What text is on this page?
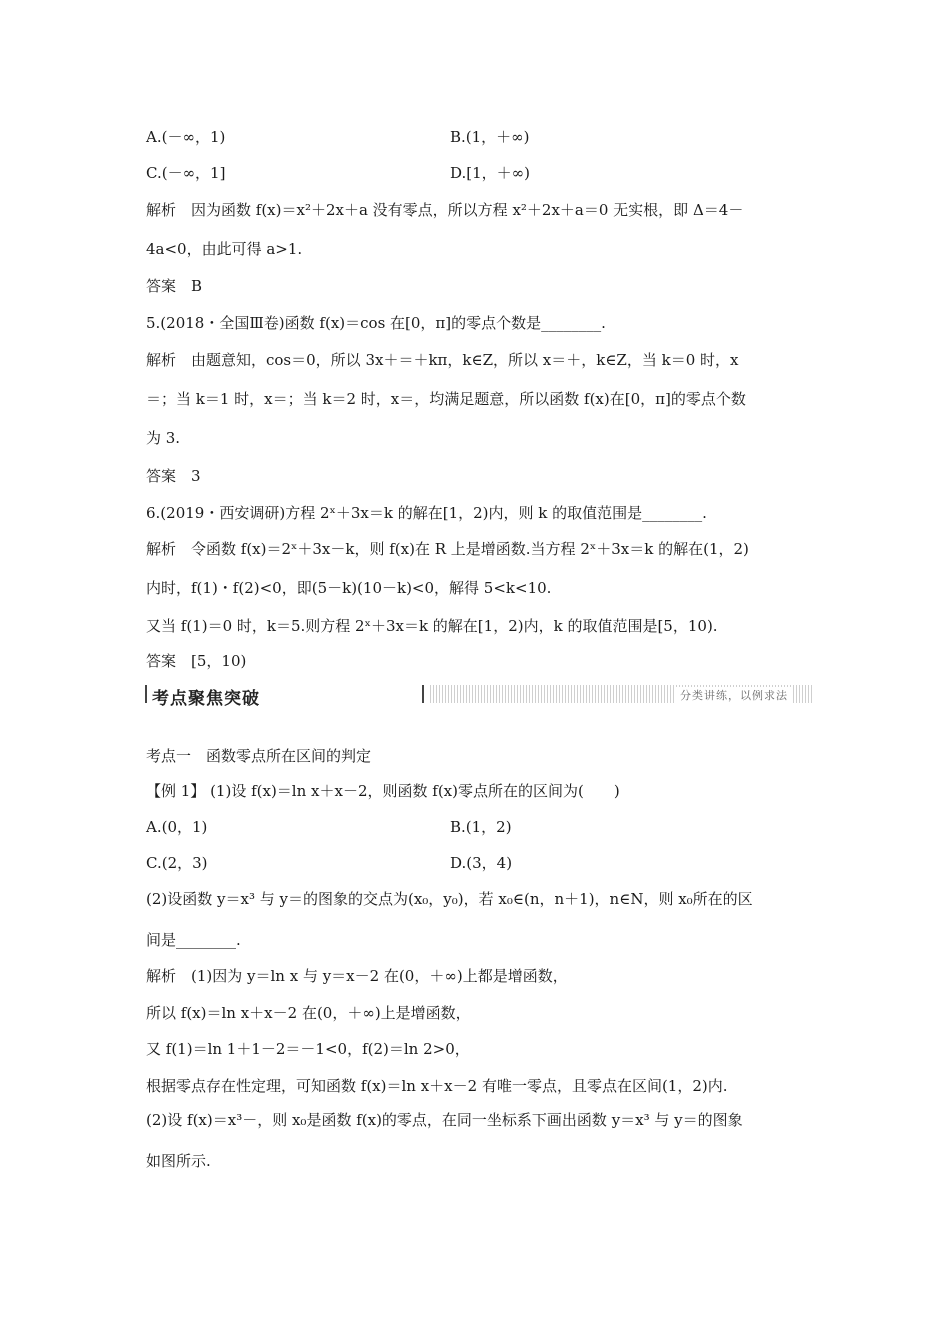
A.(－∞，1)	B.(1，＋∞)
C.(－∞，1]	D.[1，＋∞)
解析　因为函数 f(x)＝x²＋2x＋a 没有零点，所以方程 x²＋2x＋a＝0 无实根，即 Δ＝4－
4a<0，由此可得 a>1.
答案　B
5.(2018・全国Ⅲ卷)函数 f(x)＝cos 在[0，π]的零点个数是________.
解析　由题意知，cos＝0，所以 3x＋＝＋kπ，k∈Z，所以 x＝＋，k∈Z，当 k＝0 时，x
＝；当 k＝1 时，x＝；当 k＝2 时，x＝，均满足题意，所以函数 f(x)在[0，π]的零点个数
为 3.
答案　3
6.(2019・西安调研)方程 2ˣ＋3x＝k 的解在[1，2)内，则 k 的取值范围是________.
解析　令函数 f(x)＝2ˣ＋3x－k，则 f(x)在 R 上是增函数.当方程 2ˣ＋3x＝k 的解在(1，2)
内时，f(1)・f(2)<0，即(5－k)(10－k)<0，解得 5<k<10.
又当 f(1)＝0 时，k＝5.则方程 2ˣ＋3x＝k 的解在[1，2)内，k 的取值范围是[5，10).
答案　[5，10)
考点一　函数零点所在区间的判定
【例 1】 (1)设 f(x)＝ln x＋x－2，则函数 f(x)零点所在的区间为(　　)
A.(0，1)	B.(1，2)
C.(2，3)	D.(3，4)
(2)设函数 y＝x³ 与 y＝的图象的交点为(x₀，y₀)，若 x₀∈(n，n＋1)，n∈N，则 x₀所在的区
间是________.
解析　(1)因为 y＝ln x 与 y＝x－2 在(0，＋∞)上都是增函数，
所以 f(x)＝ln x＋x－2 在(0，＋∞)上是增函数，
又 f(1)＝ln 1＋1－2＝－1<0，f(2)＝ln 2>0，
根据零点存在性定理，可知函数 f(x)＝ln x＋x－2 有唯一零点，且零点在区间(1，2)内.
(2)设 f(x)＝x³－，则 x₀是函数 f(x)的零点，在同一坐标系下画出函数 y＝x³ 与 y＝的图象
如图所示.
考点聚焦突破	分类讲练，以例求法
